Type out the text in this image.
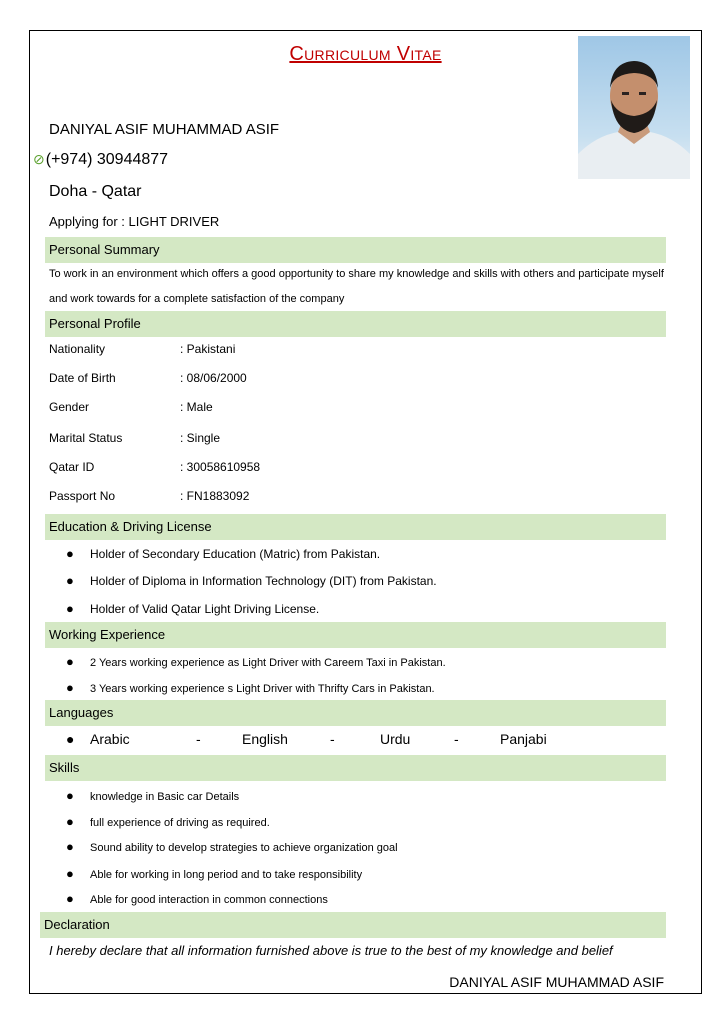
Curriculum Vitae
DANIYAL ASIF MUHAMMAD ASIF
⊘(+974) 30944877
Doha - Qatar
Applying for : LIGHT DRIVER
Personal Summary
To work in an environment which offers a good opportunity to share my knowledge and skills with others and participate myself and work towards for a complete satisfaction of the company
Personal Profile
Nationality	: Pakistani
Date of Birth	: 08/06/2000
Gender	: Male
Marital Status	: Single
Qatar ID	: 30058610958
Passport No	: FN1883092
Education & Driving License
● Holder of Secondary Education (Matric) from Pakistan.
● Holder of Diploma in Information Technology (DIT) from Pakistan.
● Holder of Valid Qatar Light Driving License.
Working Experience
● 2 Years working experience as Light Driver with Careem Taxi in Pakistan.
● 3 Years working experience s Light Driver with Thrifty Cars in Pakistan.
Languages
● Arabic	-	English	-	Urdu	-	Panjabi
Skills
● knowledge in Basic car Details
● full experience of driving as required.
● Sound ability to develop strategies to achieve organization goal
● Able for working in long period and to take responsibility
● Able for good interaction in common connections
Declaration
I hereby declare that all information furnished above is true to the best of my knowledge and belief
DANIYAL ASIF MUHAMMAD ASIF
